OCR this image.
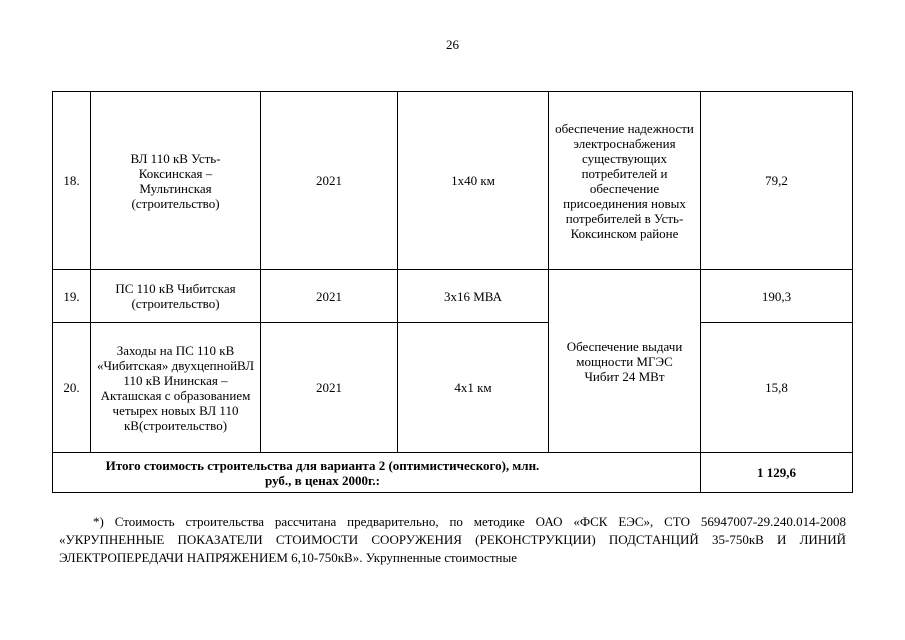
26
18.	ВЛ 110 кВ Усть-Коксинская – Мультинская (строительство)	2021	1х40 км	обеспечение надежности электроснабжения существующих потребителей и обеспечение присоединения новых потребителей в Усть-Коксинском районе	79,2
19.	ПС 110 кВ Чибитская (строительство)	2021	3х16 МВА	Обеспечение выдачи мощности МГЭС Чибит 24 МВт	190,3
20.	Заходы на ПС 110 кВ «Чибитская» двухцепнойВЛ 110 кВ Ининская – Акташская с образованием четырех новых ВЛ 110 кВ(строительство)	2021	4х1 км		15,8
Итого стоимость строительства для варианта 2 (оптимистического), млн. руб., в ценах 2000г.:					1 129,6

*) Стоимость строительства рассчитана предварительно, по методике ОАО «ФСК ЕЭС», СТО 56947007-29.240.014-2008 «УКРУПНЕННЫЕ ПОКАЗАТЕЛИ СТОИМОСТИ СООРУЖЕНИЯ (РЕКОНСТРУКЦИИ) ПОДСТАНЦИЙ 35-750кВ И ЛИНИЙ ЭЛЕКТРОПЕРЕДАЧИ НАПРЯЖЕНИЕМ 6,10-750кВ». Укрупненные стоимостные
